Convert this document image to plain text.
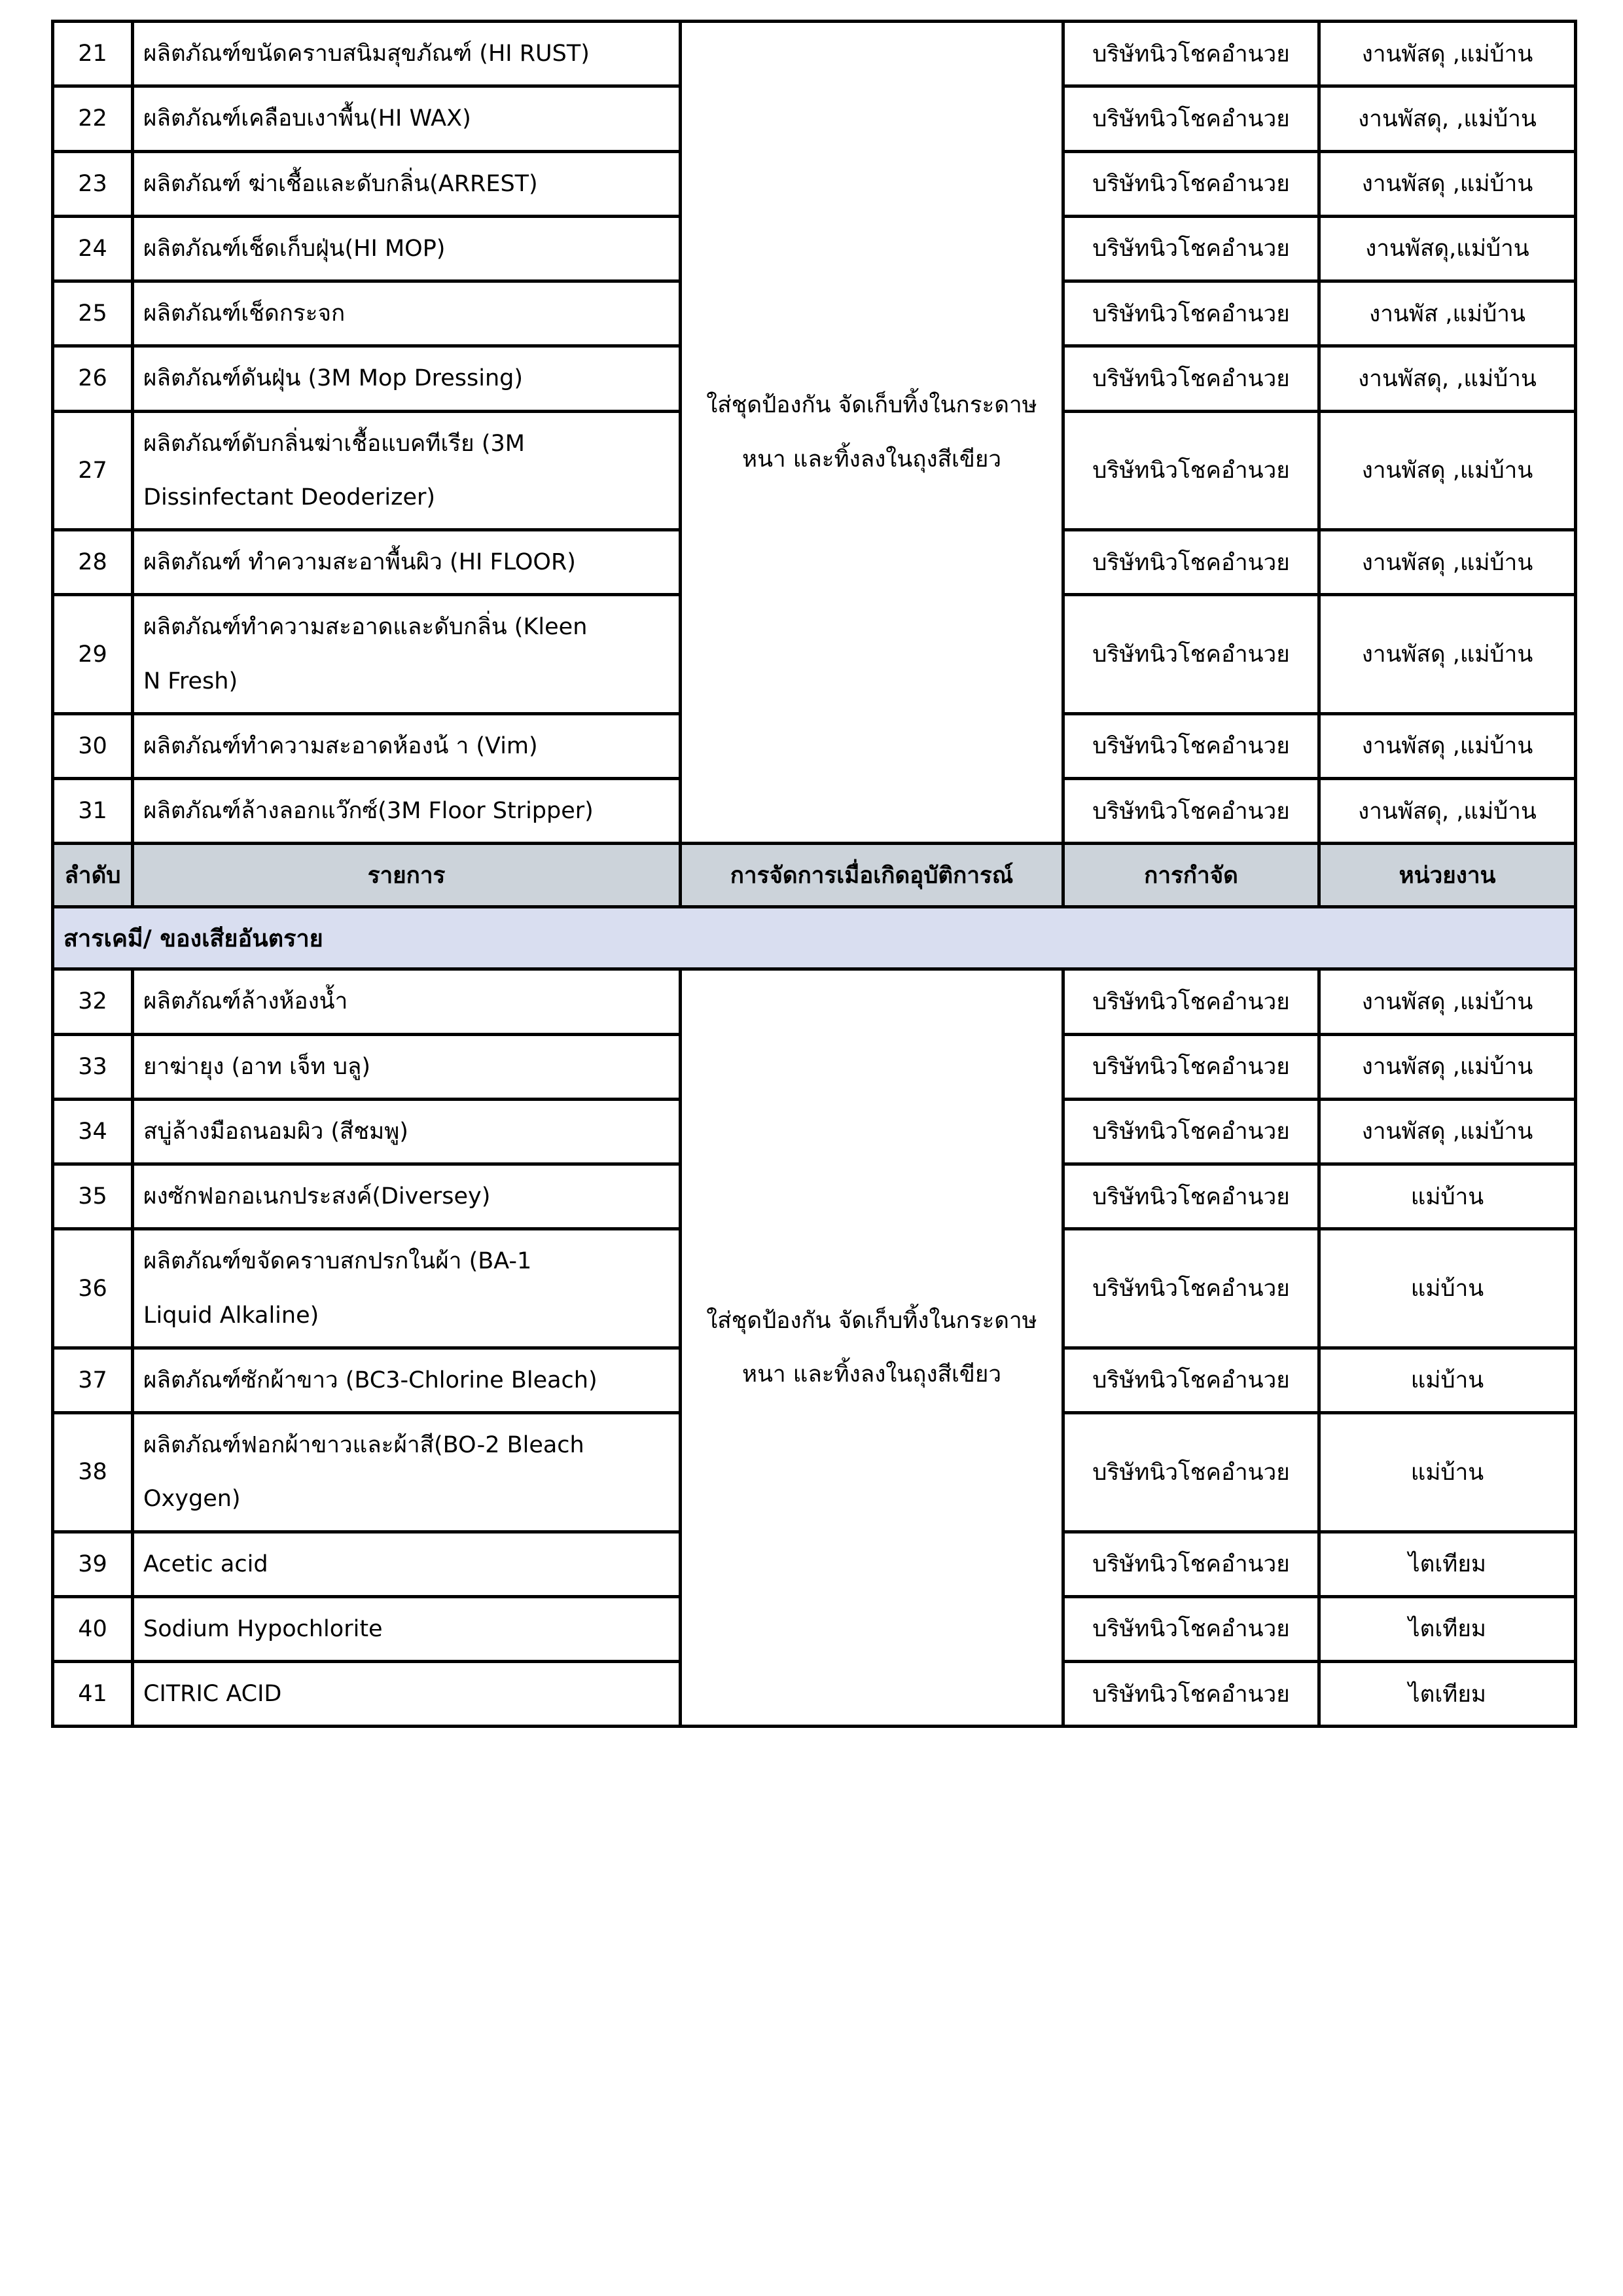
21	ผลิตภัณฑ์ขนัดคราบสนิมสุขภัณฑ์ (HI RUST)	ใส่ชุดป้องกัน จัดเก็บทิ้งในกระดาษ หนา และทิ้งลงในถุงสีเขียว	บริษัทนิวโชคอำนวย	งานพัสดุ ,แม่บ้าน
22	ผลิตภัณฑ์เคลือบเงาพื้น(HI WAX)		บริษัทนิวโชคอำนวย	งานพัสดุ, ,แม่บ้าน
23	ผลิตภัณฑ์ ฆ่าเชื้อและดับกลิ่น(ARREST)		บริษัทนิวโชคอำนวย	งานพัสดุ ,แม่บ้าน
24	ผลิตภัณฑ์เช็ดเก็บฝุ่น(HI MOP)		บริษัทนิวโชคอำนวย	งานพัสดุ,แม่บ้าน
25	ผลิตภัณฑ์เช็ดกระจก		บริษัทนิวโชคอำนวย	งานพัส ,แม่บ้าน
26	ผลิตภัณฑ์ดันฝุ่น (3M Mop Dressing)		บริษัทนิวโชคอำนวย	งานพัสดุ, ,แม่บ้าน
27	ผลิตภัณฑ์ดับกลิ่นฆ่าเชื้อแบคทีเรีย (3M Dissinfectant Deoderizer)		บริษัทนิวโชคอำนวย	งานพัสดุ ,แม่บ้าน
28	ผลิตภัณฑ์ ทำความสะอาพื้นผิว (HI FLOOR)		บริษัทนิวโชคอำนวย	งานพัสดุ ,แม่บ้าน
29	ผลิตภัณฑ์ทำความสะอาดและดับกลิ่น (Kleen N Fresh)		บริษัทนิวโชคอำนวย	งานพัสดุ ,แม่บ้าน
30	ผลิตภัณฑ์ทำความสะอาดห้องน้ า (Vim)		บริษัทนิวโชคอำนวย	งานพัสดุ ,แม่บ้าน
31	ผลิตภัณฑ์ล้างลอกแว๊กซ์(3M Floor Stripper)		บริษัทนิวโชคอำนวย	งานพัสดุ, ,แม่บ้าน
ลำดับ	รายการ	การจัดการเมื่อเกิดอุบัติการณ์	การกำจัด	หน่วยงาน
สารเคมี/ ของเสียอันตราย				
32	ผลิตภัณฑ์ล้างห้องน้ำ	ใส่ชุดป้องกัน จัดเก็บทิ้งในกระดาษ หนา และทิ้งลงในถุงสีเขียว	บริษัทนิวโชคอำนวย	งานพัสดุ ,แม่บ้าน
33	ยาฆ่ายุง (อาท เจ็ท บลู)		บริษัทนิวโชคอำนวย	งานพัสดุ ,แม่บ้าน
34	สบู่ล้างมือถนอมผิว (สีชมพู)		บริษัทนิวโชคอำนวย	งานพัสดุ ,แม่บ้าน
35	ผงซักฟอกอเนกประสงค์(Diversey)		บริษัทนิวโชคอำนวย	แม่บ้าน
36	ผลิตภัณฑ์ขจัดคราบสกปรกในผ้า (BA-1 Liquid Alkaline)		บริษัทนิวโชคอำนวย	แม่บ้าน
37	ผลิตภัณฑ์ซักผ้าขาว (BC3-Chlorine Bleach)		บริษัทนิวโชคอำนวย	แม่บ้าน
38	ผลิตภัณฑ์ฟอกผ้าขาวและผ้าสี(BO-2 Bleach Oxygen)		บริษัทนิวโชคอำนวย	แม่บ้าน
39	Acetic acid		บริษัทนิวโชคอำนวย	ไตเทียม
40	Sodium Hypochlorite		บริษัทนิวโชคอำนวย	ไตเทียม
41	CITRIC ACID		บริษัทนิวโชคอำนวย	ไตเทียม
